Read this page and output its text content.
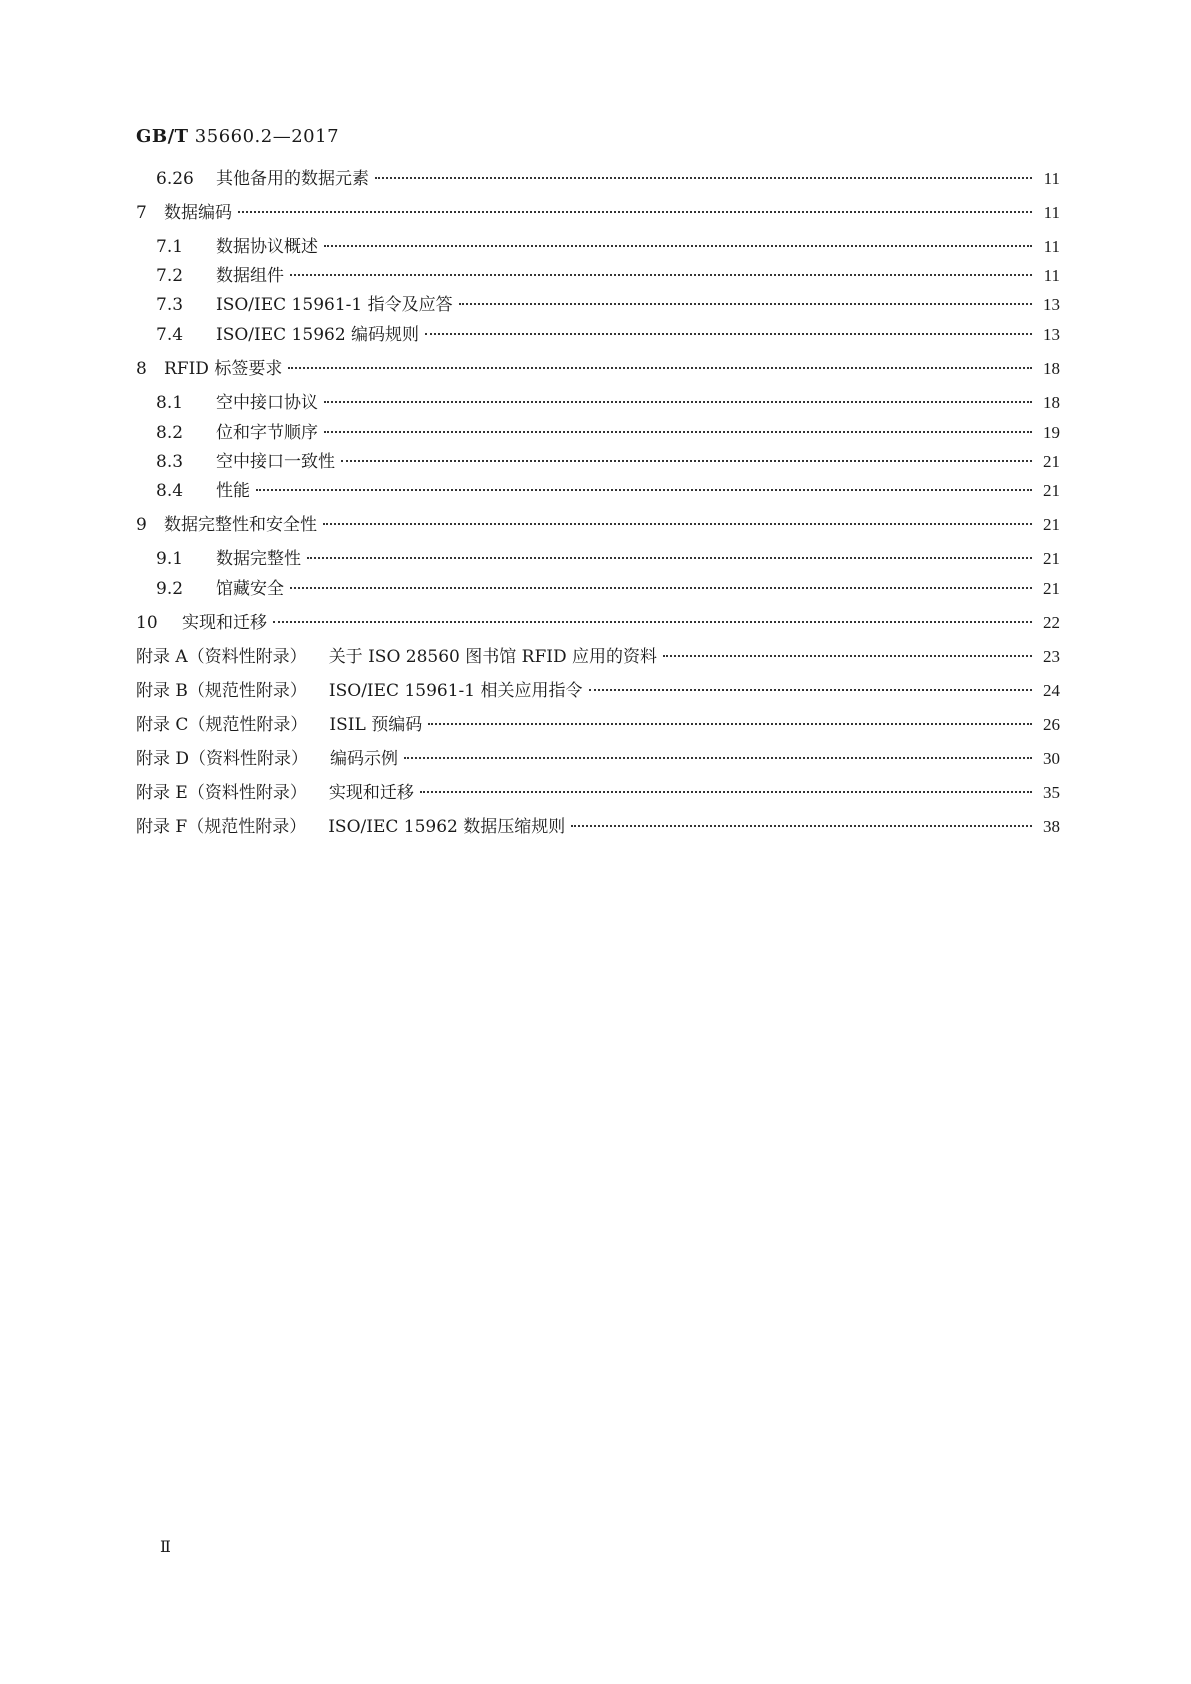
GB/T 35660.2—2017
6.26	其他备用的数据元素	11
7	数据编码	11
7.1	数据协议概述	11
7.2	数据组件	11
7.3	ISO/IEC 15961-1 指令及应答	13
7.4	ISO/IEC 15962 编码规则	13
8	RFID 标签要求	18
8.1	空中接口协议	18
8.2	位和字节顺序	19
8.3	空中接口一致性	21
8.4	性能	21
9	数据完整性和安全性	21
9.1	数据完整性	21
9.2	馆藏安全	21
10	实现和迁移	22
附录 A（资料性附录）	关于 ISO 28560 图书馆 RFID 应用的资料	23
附录 B（规范性附录）	ISO/IEC 15961-1 相关应用指令	24
附录 C（规范性附录）	ISIL 预编码	26
附录 D（资料性附录）	编码示例	30
附录 E（资料性附录）	实现和迁移	35
附录 F（规范性附录）	ISO/IEC 15962 数据压缩规则	38
Ⅱ
